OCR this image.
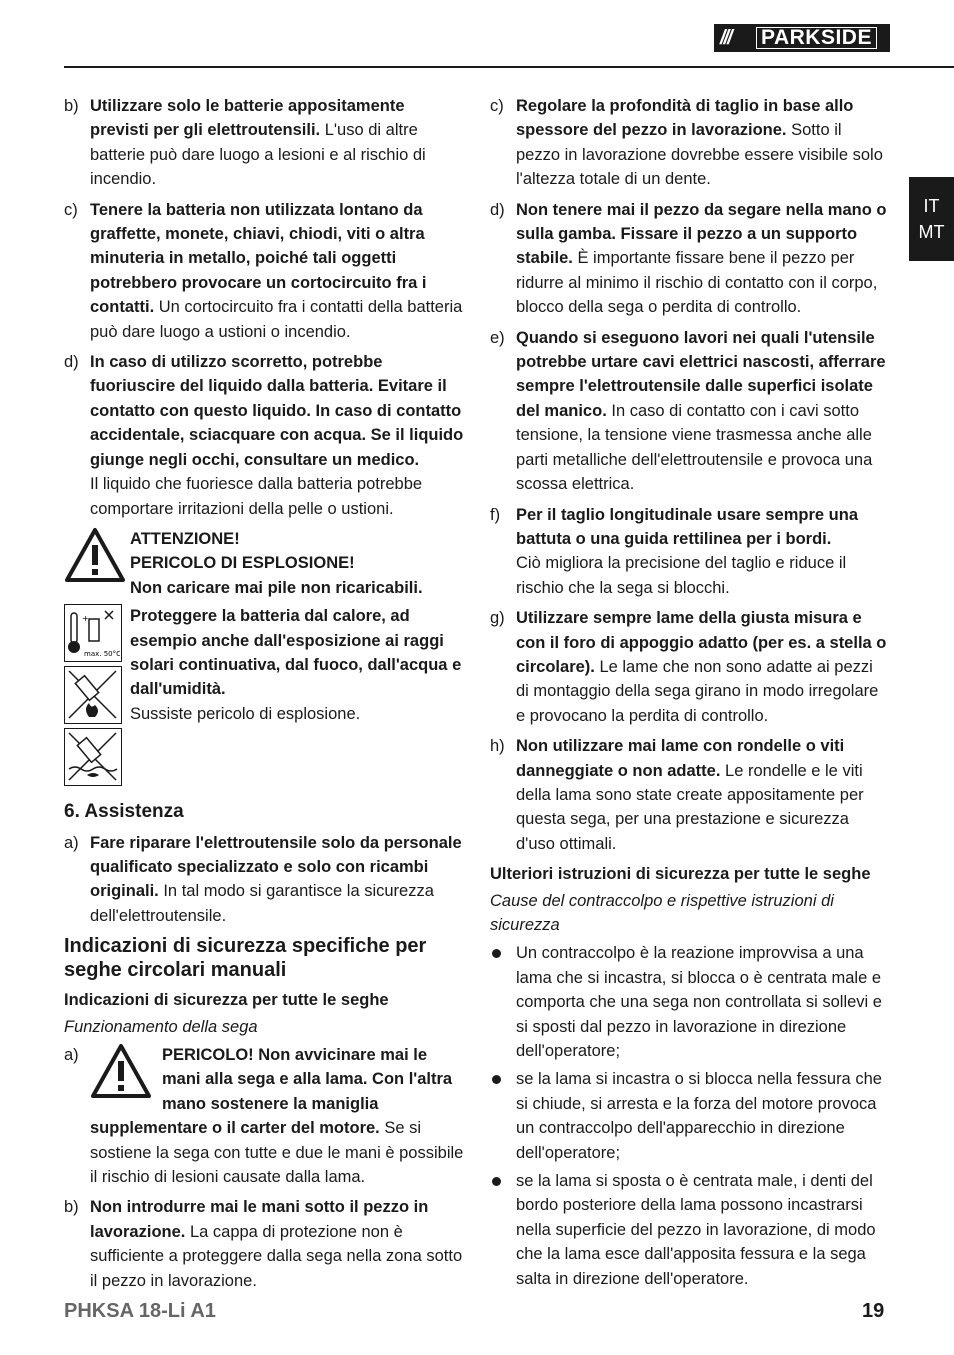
///	PARKSIDE
IT
MT
b) Utilizzare solo le batterie appositamente previsti per gli elettroutensili. L'uso di altre batterie può dare luogo a lesioni e al rischio di incendio.
c) Tenere la batteria non utilizzata lontano da graffette, monete, chiavi, chiodi, viti o altra minuteria in metallo, poiché tali oggetti potrebbero provocare un cortocircuito fra i contatti. Un cortocircuito fra i contatti della batteria può dare luogo a ustioni o incendio.
d) In caso di utilizzo scorretto, potrebbe fuoriuscire del liquido dalla batteria. Evitare il contatto con questo liquido. In caso di contatto accidentale, sciacquare con acqua. Se il liquido giunge negli occhi, consultare un medico.
Il liquido che fuoriesce dalla batteria potrebbe comportare irritazioni della pelle o ustioni.
ATTENZIONE!
PERICOLO DI ESPLOSIONE!
Non caricare mai pile non ricaricabili.
+
max. 50°C
Proteggere la batteria dal calore, ad esempio anche dall'esposizione ai raggi solari continuativa, dal fuoco, dall'acqua e dall'umidità.
Sussiste pericolo di esplosione.
6. Assistenza
a) Fare riparare l'elettroutensile solo da personale qualificato specializzato e solo con ricambi originali. In tal modo si garantisce la sicurezza dell'elettroutensile.
Indicazioni di sicurezza specifiche per seghe circolari manuali
Indicazioni di sicurezza per tutte le seghe
Funzionamento della sega
a)	PERICOLO! Non avvicinare mai le mani alla sega e alla lama. Con l'altra mano sostenere la maniglia supplementare o il carter del motore. Se si sostiene la sega con tutte e due le mani è possibile il rischio di lesioni causate dalla lama.
b) Non introdurre mai le mani sotto il pezzo in lavorazione. La cappa di protezione non è sufficiente a proteggere dalla sega nella zona sotto il pezzo in lavorazione.
c) Regolare la profondità di taglio in base allo spessore del pezzo in lavorazione. Sotto il pezzo in lavorazione dovrebbe essere visibile solo l'altezza totale di un dente.
d) Non tenere mai il pezzo da segare nella mano o sulla gamba. Fissare il pezzo a un supporto stabile. È importante fissare bene il pezzo per ridurre al minimo il rischio di contatto con il corpo, blocco della sega o perdita di controllo.
e) Quando si eseguono lavori nei quali l'utensile potrebbe urtare cavi elettrici nascosti, afferrare sempre l'elettroutensile dalle superfici isolate del manico. In caso di contatto con i cavi sotto tensione, la tensione viene trasmessa anche alle parti metalliche dell'elettroutensile e provoca una scossa elettrica.
f) Per il taglio longitudinale usare sempre una battuta o una guida rettilinea per i bordi.
Ciò migliora la precisione del taglio e riduce il rischio che la sega si blocchi.
g) Utilizzare sempre lame della giusta misura e con il foro di appoggio adatto (per es. a stella o circolare). Le lame che non sono adatte ai pezzi di montaggio della sega girano in modo irregolare e provocano la perdita di controllo.
h) Non utilizzare mai lame con rondelle o viti danneggiate o non adatte. Le rondelle e le viti della lama sono state create appositamente per questa sega, per una prestazione e sicurezza d'uso ottimali.
Ulteriori istruzioni di sicurezza per tutte le seghe
Cause del contraccolpo e rispettive istruzioni di sicurezza
Un contraccolpo è la reazione improvvisa a una lama che si incastra, si blocca o è centrata male e comporta che una sega non controllata si sollevi e si sposti dal pezzo in lavorazione in direzione dell'operatore;
se la lama si incastra o si blocca nella fessura che si chiude, si arresta e la forza del motore provoca un contraccolpo dell'apparecchio in direzione dell'operatore;
se la lama si sposta o è centrata male, i denti del bordo posteriore della lama possono incastrarsi nella superficie del pezzo in lavorazione, di modo che la lama esce dall'apposita fessura e la sega salta in direzione dell'operatore.
PHKSA 18-Li A1	19
